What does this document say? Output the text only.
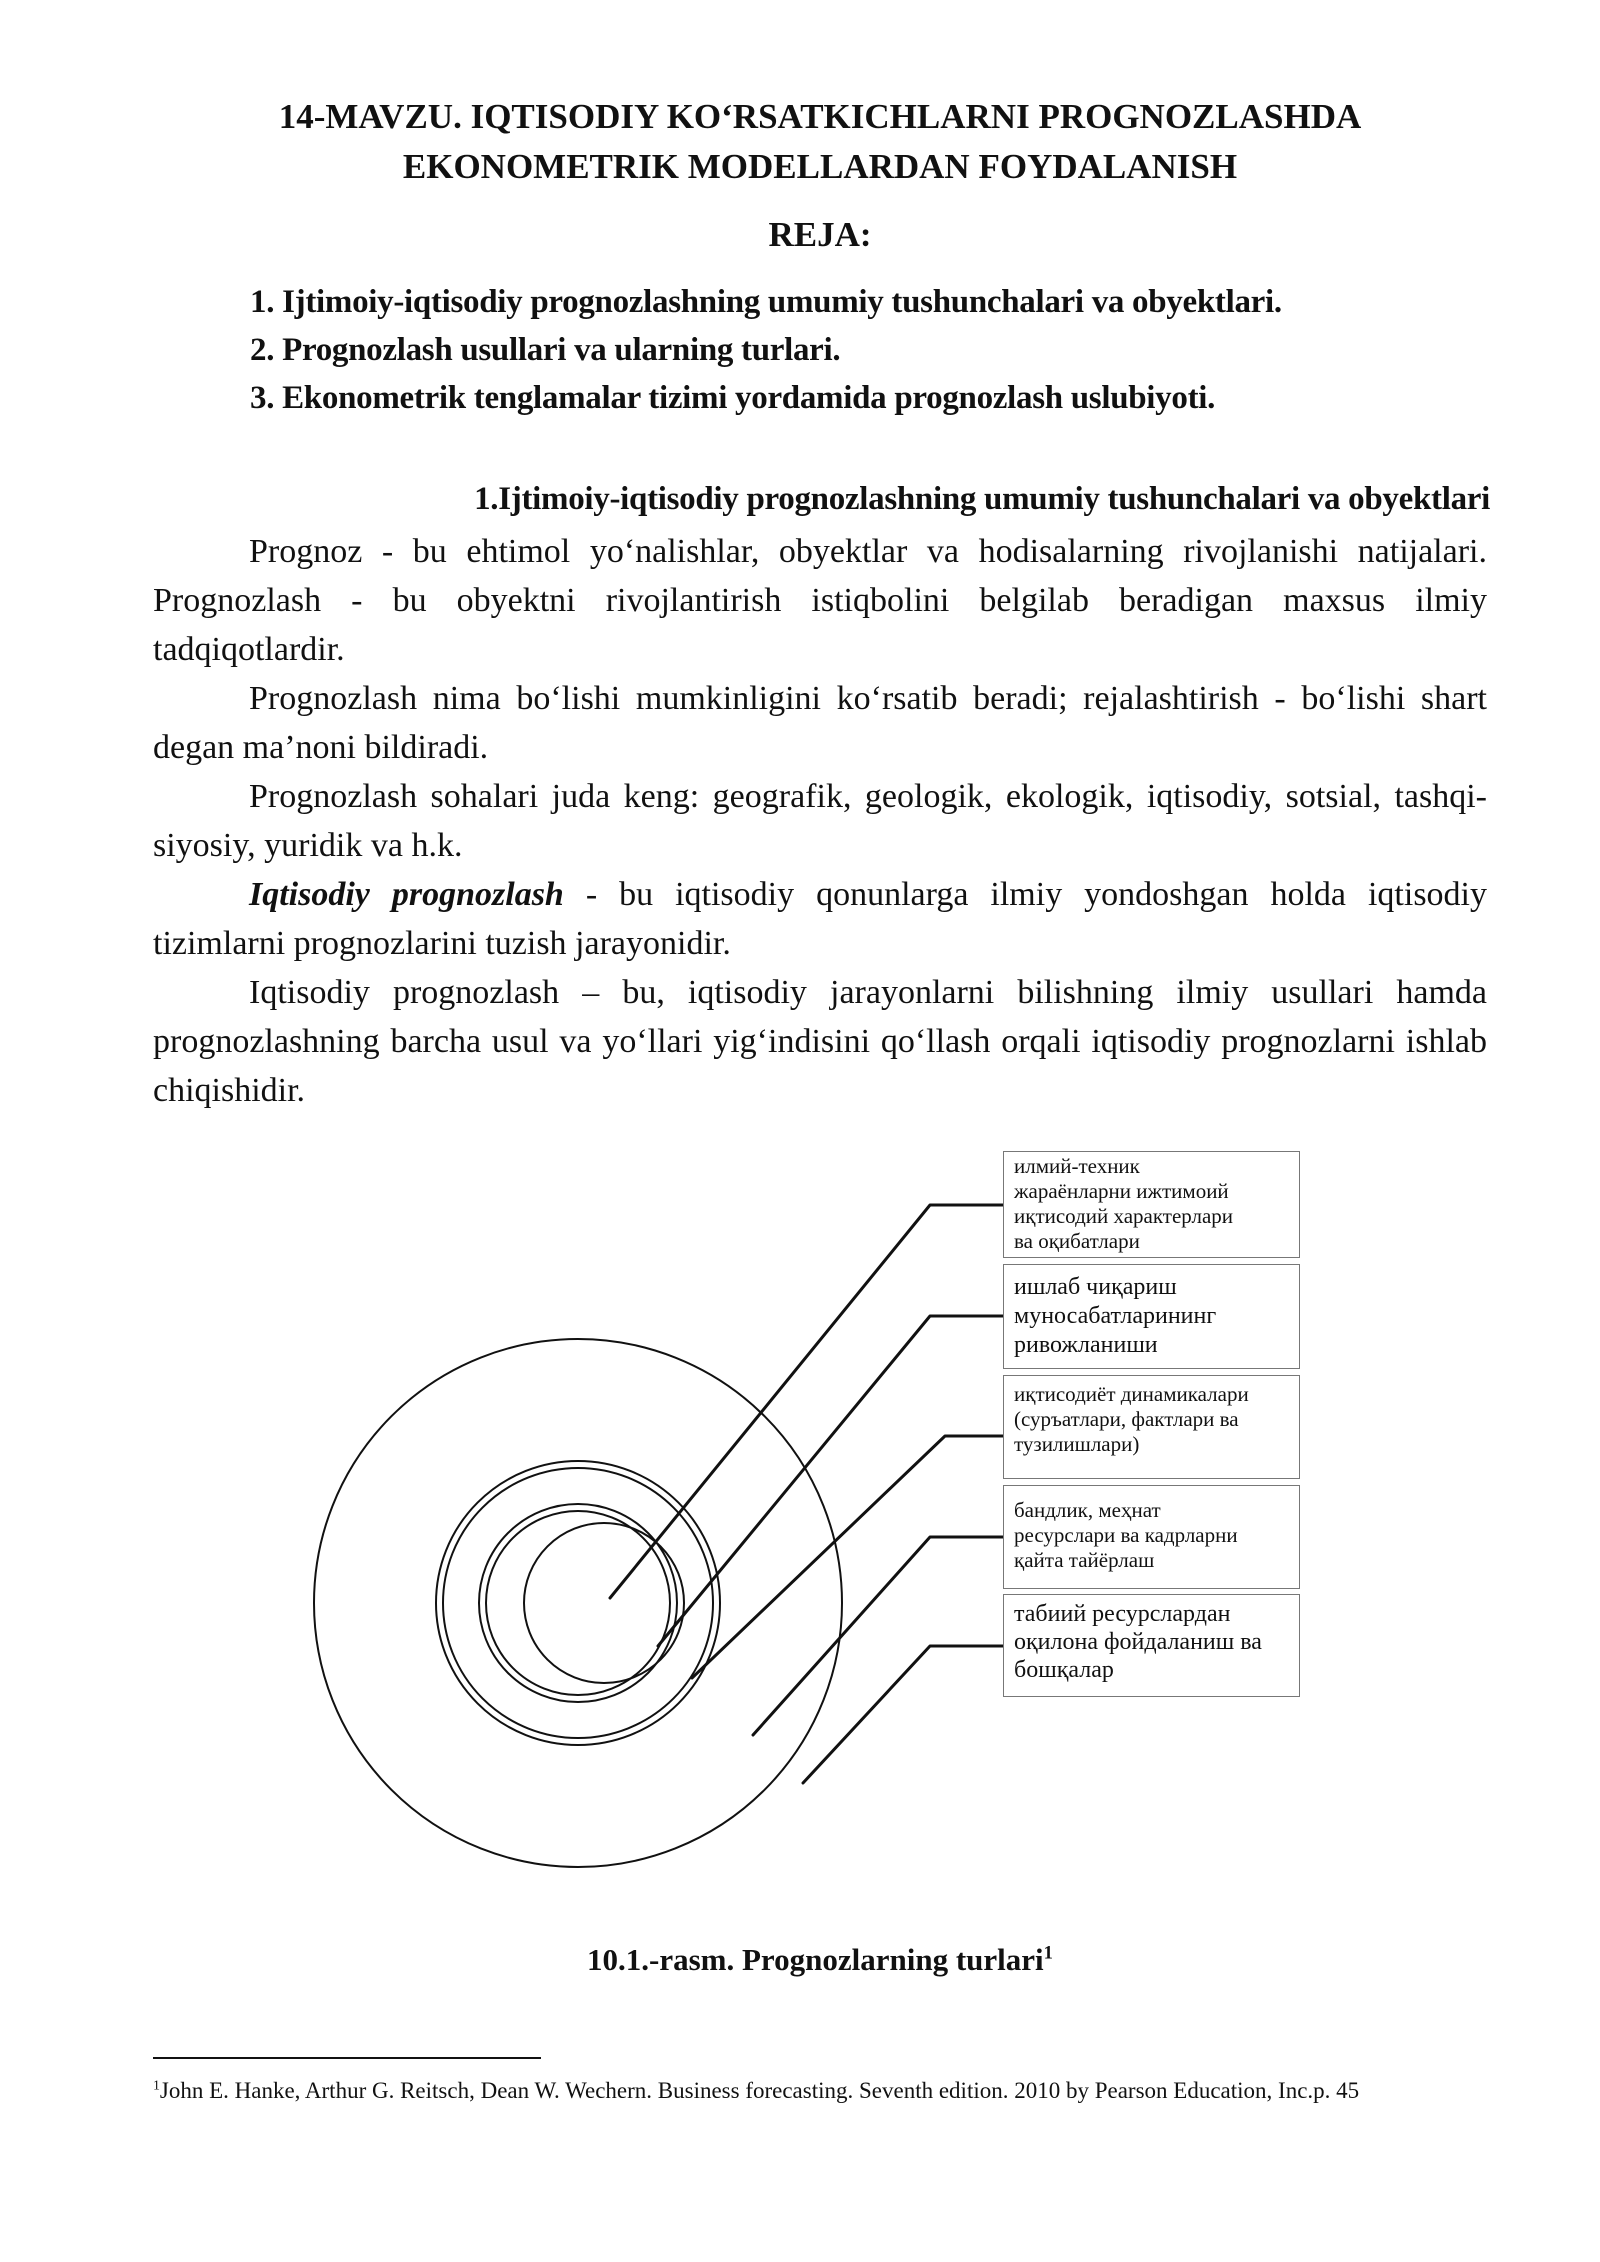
14-MAVZU. IQTISODIY KO‘RSATKICHLARNI PROGNOZLASHDA
EKONOMETRIK MODELLARDAN FOYDALANISH
REJA:

1. Ijtimoiy-iqtisodiy prognozlashning umumiy tushunchalari va obyektlari.

2. Prognozlash usullari va ularning turlari.

3. Ekonometrik tenglamalar tizimi yordamida prognozlash uslubiyoti.

1.Ijtimoiy-iqtisodiy prognozlashning umumiy tushunchalari va obyektlari

Prognoz - bu ehtimol yo‘nalishlar, obyektlar va hodisalarning rivojlanishi natijalari. Prognozlash - bu obyektni rivojlantirish istiqbolini belgilab beradigan maxsus ilmiy tadqiqotlardir.

Prognozlash nima bo‘lishi mumkinligini ko‘rsatib beradi; rejalashtirish - bo‘lishi shart degan ma’noni bildiradi.

Prognozlash sohalari juda keng: geografik, geologik, ekologik, iqtisodiy, sotsial, tashqi-siyosiy, yuridik va h.k.

Iqtisodiy prognozlash - bu iqtisodiy qonunlarga ilmiy yondoshgan holda iqtisodiy tizimlarni prognozlarini tuzish jarayonidir.

Iqtisodiy prognozlash – bu, iqtisodiy jarayonlarni bilishning ilmiy usullari hamda prognozlashning barcha usul va yo‘llari yig‘indisini qo‘llash orqali iqtisodiy prognozlarni ishlab chiqishidir.

илмий-техник
жараёнларни ижтимоий
иқтисодий характерлари
ва оқибатлари
ишлаб чиқариш
муносабатларининг
ривожланиши
иқтисодиёт динамикалари
(суръатлари, фактлари ва
тузилишлари)
бандлик, меҳнат
ресурслари ва кадрларни
қайта тайёрлаш
табиий ресурслардан
оқилона фойдаланиш ва
бошқалар

10.1.-rasm. Prognozlarning turlari$^1$

$^1$John E. Hanke, Arthur G. Reitsch, Dean W. Wechern. Business forecasting. Seventh edition. 2010 by Pearson Education, Inc.p. 45
